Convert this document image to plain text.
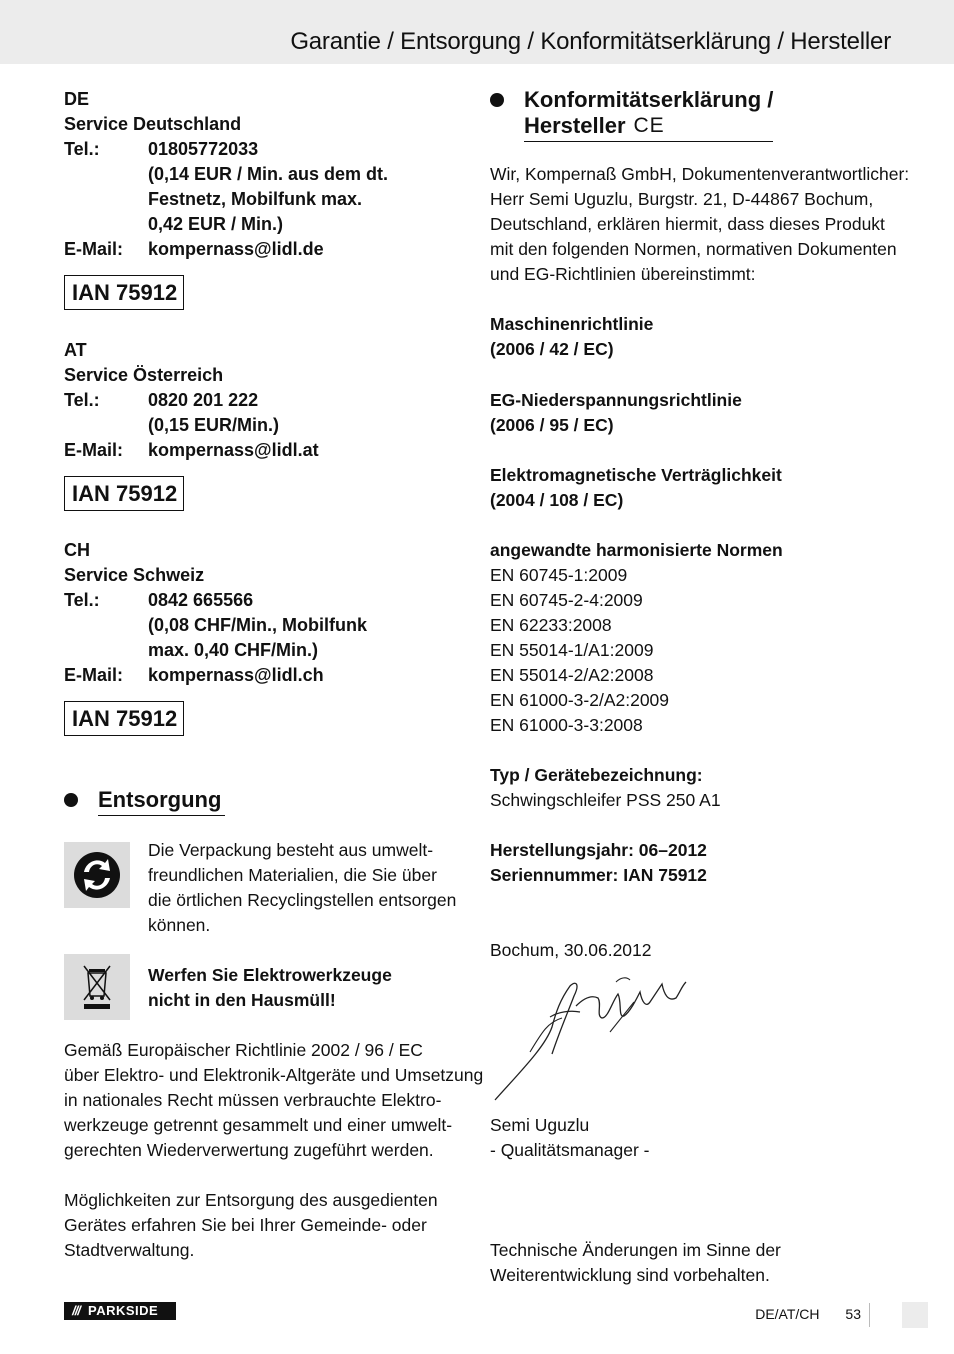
Garantie / Entsorgung / Konformitätserklärung / Hersteller
DE
Service Deutschland
Tel.:	01805772033
(0,14 EUR / Min. aus dem dt.
Festnetz, Mobilfunk max.
0,42 EUR / Min.)
E-Mail:	kompernass@lidl.de
IAN 75912
AT
Service Österreich
Tel.:	0820 201 222
(0,15 EUR/Min.)
E-Mail:	kompernass@lidl.at
IAN 75912
CH
Service Schweiz
Tel.:	0842 665566
(0,08 CHF/Min., Mobilfunk
max. 0,40 CHF/Min.)
E-Mail:	kompernass@lidl.ch
IAN 75912
Entsorgung
Die Verpackung besteht aus umwelt-
freundlichen Materialien, die Sie über
die örtlichen Recyclingstellen entsorgen
können.
Werfen Sie Elektrowerkzeuge
nicht in den Hausmüll!
Gemäß Europäischer Richtlinie 2002 / 96 / EC
über Elektro- und Elektronik-Altgeräte und Umsetzung
in nationales Recht müssen verbrauchte Elektro-
werkzeuge getrennt gesammelt und einer umwelt-
gerechten Wiederverwertung zugeführt werden.
Möglichkeiten zur Entsorgung des ausgedienten
Gerätes erfahren Sie bei Ihrer Gemeinde- oder
Stadtverwaltung.
Konformitätserklärung /
Hersteller CE
Wir, Kompernaß GmbH, Dokumentenverantwortlicher:
Herr Semi Uguzlu, Burgstr. 21, D-44867 Bochum,
Deutschland, erklären hiermit, dass dieses Produkt
mit den folgenden Normen, normativen Dokumenten
und EG-Richtlinien übereinstimmt:
Maschinenrichtlinie
(2006 / 42 / EC)
EG-Niederspannungsrichtlinie
(2006 / 95 / EC)
Elektromagnetische Verträglichkeit
(2004 / 108 / EC)
angewandte harmonisierte Normen
EN 60745-1:2009
EN 60745-2-4:2009
EN 62233:2008
EN 55014-1/A1:2009
EN 55014-2/A2:2008
EN 61000-3-2/A2:2009
EN 61000-3-3:2008
Typ / Gerätebezeichnung:
Schwingschleifer PSS 250 A1
Herstellungsjahr: 06–2012
Seriennummer: IAN 75912
Bochum, 30.06.2012
Semi Uguzlu
- Qualitätsmanager -
Technische Änderungen im Sinne der
Weiterentwicklung sind vorbehalten.
/// PARKSIDE	DE/AT/CH 53
